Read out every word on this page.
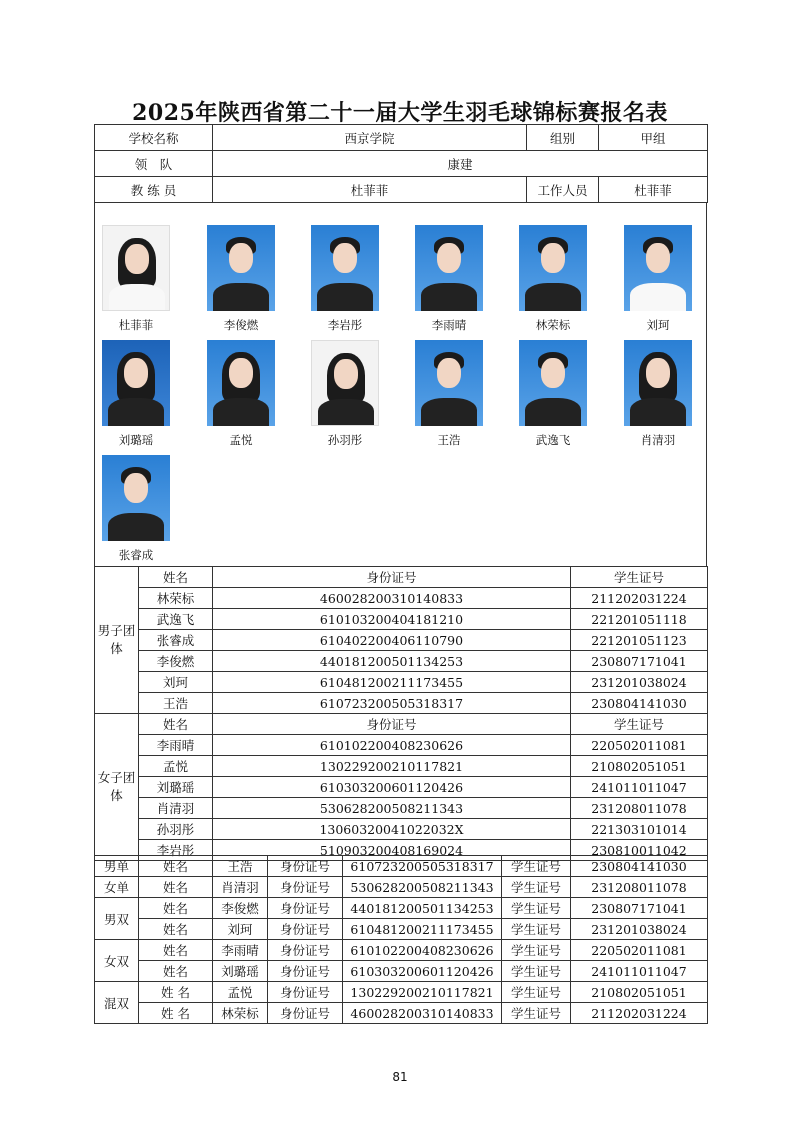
2025年陕西省第二十一届大学生羽毛球锦标赛报名表
学校名称	西京学院	组别	甲组
领　队	康建		
教 练 员	杜菲菲	工作人员	杜菲菲
杜菲菲	李俊燃	李岩彤	李雨晴	林荣标	刘珂
刘璐瑶	孟悦	孙羽彤	王浩	武逸飞	肖清羽
张睿成
男子团体	姓名	身份证号	学生证号
	林荣标	460028200310140833	211202031224
	武逸飞	610103200404181210	221201051118
	张睿成	610402200406110790	221201051123
	李俊燃	440181200501134253	230807171041
	刘珂	610481200211173455	231201038024
	王浩	610723200505318317	230804141030
女子团体	姓名	身份证号	学生证号
	李雨晴	610102200408230626	220502011081
	孟悦	130229200210117821	210802051051
	刘璐瑶	610303200601120426	241011011047
	肖清羽	530628200508211343	231208011078
	孙羽彤	13060320041022032X	221303101014
	李岩彤	510903200408169024	230810011042
男单	姓名	王浩	身份证号	610723200505318317	学生证号	230804141030
女单	姓名	肖清羽	身份证号	530628200508211343	学生证号	231208011078
男双	姓名	李俊燃	身份证号	440181200501134253	学生证号	230807171041
	姓名	刘珂	身份证号	610481200211173455	学生证号	231201038024
女双	姓名	李雨晴	身份证号	610102200408230626	学生证号	220502011081
	姓名	刘璐瑶	身份证号	610303200601120426	学生证号	241011011047
混双	姓 名	孟悦	身份证号	130229200210117821	学生证号	210802051051
	姓 名	林荣标	身份证号	460028200310140833	学生证号	211202031224
81
